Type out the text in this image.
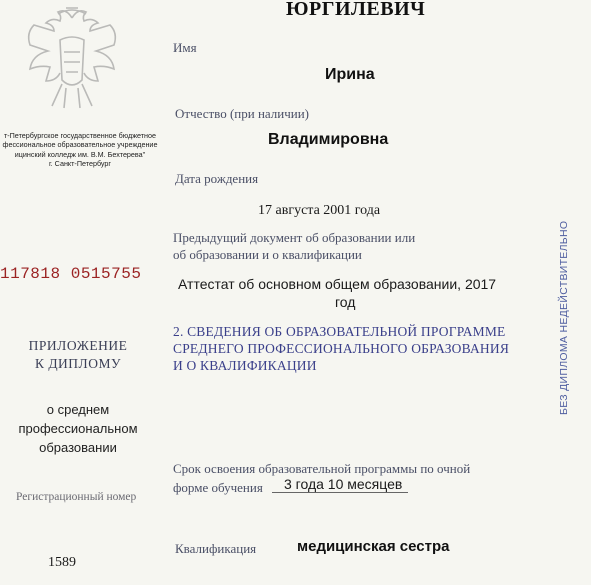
т-Петербургское государственное бюджетное
фессиональное образовательное учреждение
ицинский колледж им. В.М. Бехтерева"
г. Санкт-Петербург
117818 0515755
ПРИЛОЖЕНИЕ
К ДИПЛОМУ
о среднем
профессиональном
образовании
Регистрационный номер
1589
ЮРГИЛЕВИЧ
Имя
Ирина
Отчество (при наличии)
Владимировна
Дата рождения
17 августа 2001 года
Предыдущий документ об образовании или
об образовании и о квалификации
Аттестат об основном общем образовании, 2017
год
2. СВЕДЕНИЯ ОБ ОБРАЗОВАТЕЛЬНОЙ ПРОГРАММЕ
СРЕДНЕГО ПРОФЕССИОНАЛЬНОГО ОБРАЗОВАНИЯ
И О КВАЛИФИКАЦИИ
Срок освоения образовательной программы по очной
форме обучения	3 года 10 месяцев
Квалификация	медицинская сестра
БЕЗ ДИПЛОМА НЕДЕЙСТВИТЕЛЬНО
